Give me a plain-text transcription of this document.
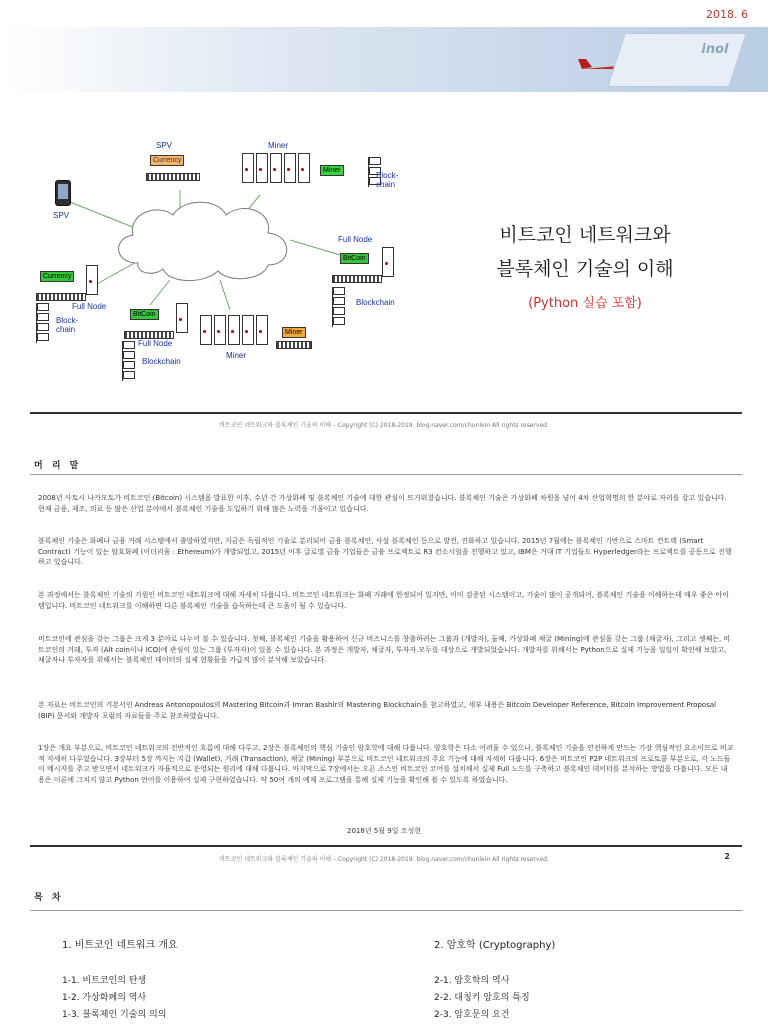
2018. 6
inol
SPV
Currency
SPV
Miner
Miner
Block-
chain
Full Node
BitCoin
Blockchain
Currency
Full Node
Block-
chain
BitCoin
Full Node
Blockchain
Miner
Miner
비트코인 네트워크와
블록체인 기술의 이해
(Python 실습 포함)
비트코인 네트워크와 블록체인 기술의 이해 – Copyright (C) 2018-2019. blog.naver.com/chunlein All rights reserved.
머 리 말

2008년 사토시 나카모토가 비트코인 (Bitcoin) 시스템을 발표한 이후, 수년 간 가상화폐 및 블록체인 기술에 대한 관심이 뜨거워졌습니다. 블록체인 기술은 가상화폐 차원을 넘어 4차 산업혁명의 한 분야로 자리를 잡고 있습니다. 현재 금융, 제조, 의료 등 많은 산업 분야에서 블록체인 기술을 도입하기 위해 많은 노력을 기울이고 있습니다.

블록체인 기술은 화폐나 금융 거래 시스템에서 출발하였지만, 지금은 독립적인 기술로 분리되어 금융 블록체인, 사설 블록체인 등으로 발전, 진화하고 있습니다. 2015년 7월에는 블록체인 기반으로 스마트 컨트랙 (Smart Contract) 기능이 있는 암호화폐 (이더리움 : Ethereum)가 개발되었고, 2015년 이후 글로벌 금융 기업들은 금융 프로젝트로 R3 컨소시엄을 진행하고 있고, IBM은 거대 IT 기업들도 Hyperledger라는 프로젝트를 공동으로 진행하고 있습니다.

본 과정에서는 블록체인 기술의 기원인 비트코인 네트워크에 대해 자세히 다룹니다. 비트코인 네트워크는 화폐 거래에 한정되어 있지만, 이미 검증된 시스템이고, 기술이 많이 공개되어, 블록체인 기술을 이해하는데 매우 좋은 아이템입니다. 비트코인 네트워크를 이해하면 다른 블록체인 기술을 습득하는데 큰 도움이 될 수 있습니다.

비트코인에 관심을 갖는 그룹은 크게 3 분야로 나누어 볼 수 있습니다. 첫째, 블록체인 기술을 활용하여 신규 비즈니스를 창출하려는 그룹과 (개발자), 둘째, 가상화폐 채굴 (Mining)에 관심을 갖는 그룹 (채굴자), 그리고 셋째는, 비트코인의 거래, 투자 (Alt coin이나 ICO)에 관심이 있는 그룹 (투자자)이 있을 수 있습니다. 본 과정은 개발자, 채굴자, 투자자 모두를 대상으로 개발되었습니다. 개발자를 위해서는 Python으로 실제 기능을 일일이 확인해 보았고, 채굴자나 투자자를 위해서는 블록체인 데이터의 실제 현황들을 가급적 많이 분석해 보았습니다.

본 자료는 비트코인의 기본서인 Andreas Antonopoulos의 Mastering Bitcoin과 Imran Bashir의 Mastering Blockchain을 참고하였고, 세부 내용은 Bitcoin Developer Reference, Bitcoin Improvement Proposal (BIP) 문서와 개발자 포럼의 자료들을 주로 참조하였습니다.

1장은 개요 부분으로, 비트코인 네트워크의 전반적인 흐름에 대해 다루고, 2장은 블록체인의 핵심 기술인 암호학에 대해 다룹니다. 암호학은 다소 어려울 수 있으나, 블록체인 기술을 안전하게 만드는 가장 핵심적인 요소이므로 비교적 자세히 다루었습니다. 3장부터 5장 까지는 지갑 (Wallet), 거래 (Transaction), 채굴 (Mining) 부분으로 비트코인 네트워크의 주요 기능에 대해 자세히 다룹니다. 6장은 비트코인 P2P 네트워크의 프로토콜 부분으로, 각 노드들이 메시지를 주고 받으면서 네트워크가 자율적으로 운영되는 원리에 대해 다룹니다. 마지막으로 7장에서는 오픈 소스인 비트코인 코어를 설치해서 실제 Full 노드를 구축하고 블록체인 데이터를 분석하는 방법을 다룹니다. 모든 내용은 이론에 그치지 않고 Python 언어를 이용하여 실제 구현하였습니다. 약 50여 개의 예제 프로그램을 통해 실제 기능을 확인해 볼 수 있도록 하였습니다.

2018년 5월 9일 조성현
비트코인 네트워크와 블록체인 기술의 이해 – Copyright (C) 2018-2019. blog.naver.com/chunlein All rights reserved.	2
목 차
1. 비트코인 네트워크 개요	2. 암호학 (Cryptography)
1-1. 비트코인의 탄생
1-2. 가상화폐의 역사
1-3. 블록체인 기술의 의의
2-1. 암호학의 역사
2-2. 대칭키 암호의 특징
2-3. 암호문의 요건
